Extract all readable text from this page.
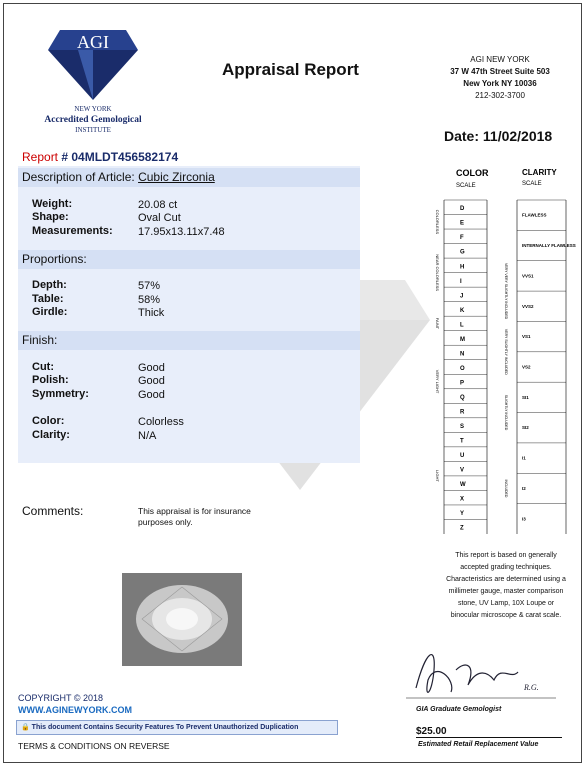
AGI
NEW YORK
Accredited Gemological
INSTITUTE
Appraisal Report
AGI NEW YORK
37 W 47th Street Suite 503
New York NY 10036
212-302-3700
Date: 11/02/2018
Report # 04MLDT456582174
Description of Article: Cubic Zirconia
Weight:	20.08 ct
Shape:	Oval Cut
Measurements: 17.95x13.11x7.48
Proportions:
Depth:	57%
Table:	58%
Girdle:	Thick
Finish:
Cut:	Good
Polish:	Good
Symmetry:	Good
Color:	Colorless
Clarity:	N/A
Comments:	This appraisal is for insurance purposes only.
COLOR
SCALE
CLARITY
SCALE
D
E
F
G
H
I
J
K
L
M
N
O
P
Q
R
S
T
U
V
W
X
Y
Z
COLORLESS
NEAR COLORLESS
FAINT
VERY LIGHT
LIGHT
FLAWLESS
INTERNALLY FLAWLESS
VVS1
VVS2
VS1
VS2
SI1
SI2
I1
I2
I3
VERY VERY SLIGHTLY INCLUDED
VERY SLIGHTLY INCLUDED
SLIGHTLY INCLUDED
INCLUDED
This report is based on generally accepted grading techniques. Characteristics are determined using a millimeter gauge, master comparison stone, UV Lamp, 10X Loupe or binocular microscope & carat scale.
R.G.
GIA Graduate Gemologist
$25.00
Estimated Retail Replacement Value
COPYRIGHT © 2018
WWW.AGINEWYORK.COM
🔒 This document Contains Security Features To Prevent Unauthorized Duplication
TERMS & CONDITIONS ON REVERSE
